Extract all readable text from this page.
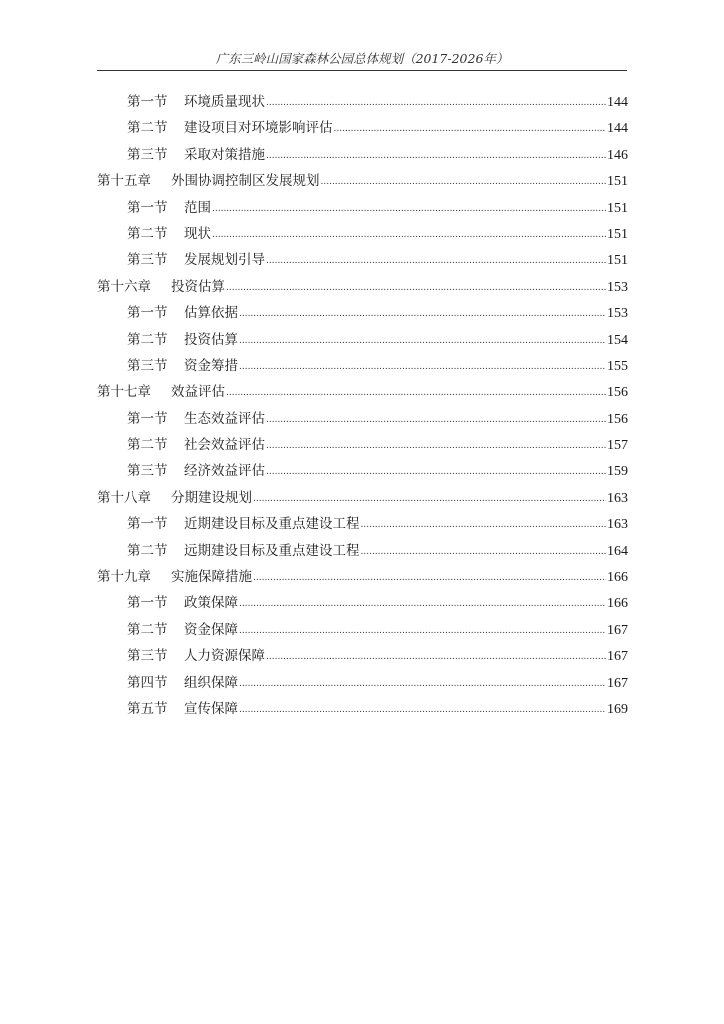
广东三岭山国家森林公园总体规划（2017-2026年）
第一节	环境质量现状 .....	144
第二节	建设项目对环境影响评估 .....	144
第三节	采取对策措施 .....	146
第十五章	外围协调控制区发展规划 .....	151
第一节	范围 .....	151
第二节	现状 .....	151
第三节	发展规划引导 .....	151
第十六章	投资估算 .....	153
第一节	估算依据 .....	153
第二节	投资估算 .....	154
第三节	资金筹措 .....	155
第十七章	效益评估 .....	156
第一节	生态效益评估 .....	156
第二节	社会效益评估 .....	157
第三节	经济效益评估 .....	159
第十八章	分期建设规划 .....	163
第一节	近期建设目标及重点建设工程 .....	163
第二节	远期建设目标及重点建设工程 .....	164
第十九章	实施保障措施 .....	166
第一节	政策保障 .....	166
第二节	资金保障 .....	167
第三节	人力资源保障 .....	167
第四节	组织保障 .....	167
第五节	宣传保障 .....	169
